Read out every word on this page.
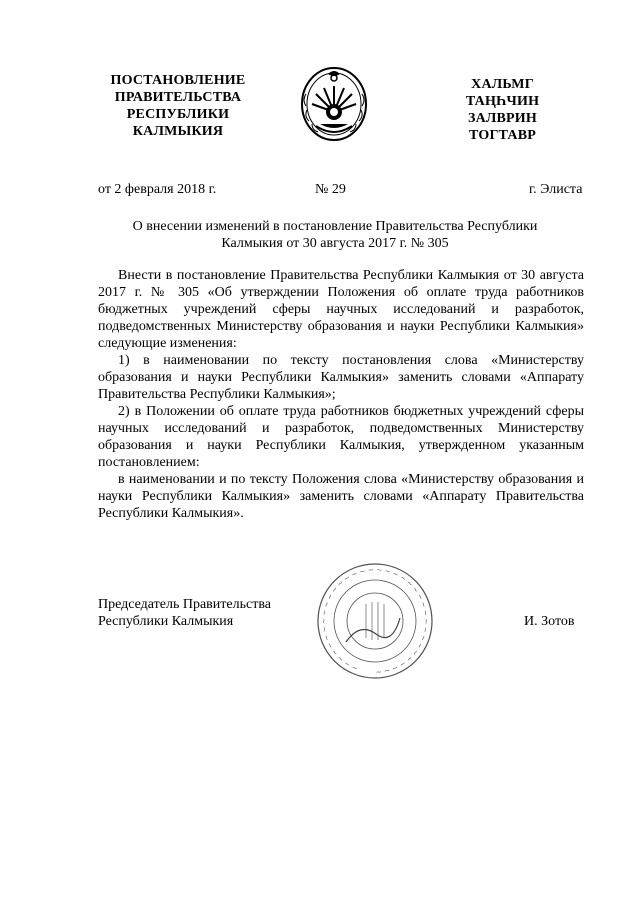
ПОСТАНОВЛЕНИЕ
ПРАВИТЕЛЬСТВА
РЕСПУБЛИКИ
КАЛМЫКИЯ
ХАЛЬМГ
ТАҢҺЧИН
ЗАЛВРИН
ТОГТАВР
от 2 февраля 2018 г.	№ 29	г. Элиста
О внесении изменений в постановление Правительства Республики
Калмыкия от 30 августа 2017 г. № 305

Внести в постановление Правительства Республики Калмыкия от 30 августа 2017 г. № 305 «Об утверждении Положения об оплате труда работников бюджетных учреждений сферы научных исследований и разработок, подведомственных Министерству образования и науки Республики Калмыкия» следующие изменения:

1) в наименовании по тексту постановления слова «Министерству образования и науки Республики Калмыкия» заменить словами «Аппарату Правительства Республики Калмыкия»;

2) в Положении об оплате труда работников бюджетных учреждений сферы научных исследований и разработок, подведомственных Министерству образования и науки Республики Калмыкия, утвержденном указанным постановлением:

в наименовании и по тексту Положения слова «Министерству образования и науки Республики Калмыкия» заменить словами «Аппарату Правительства Республики Калмыкия».

Председатель Правительства
Республики Калмыкия
~ ~ ~ ~ ~ ~ ~ ~ ~ ~ ~ ~ ~ ~ ~ ~ ~ ~ ~ ~ ~ ~ ~ ~ ~ ~ ~ ~ ~ ~ ~ ~ ~ ~ ~ ~
И. Зотов
